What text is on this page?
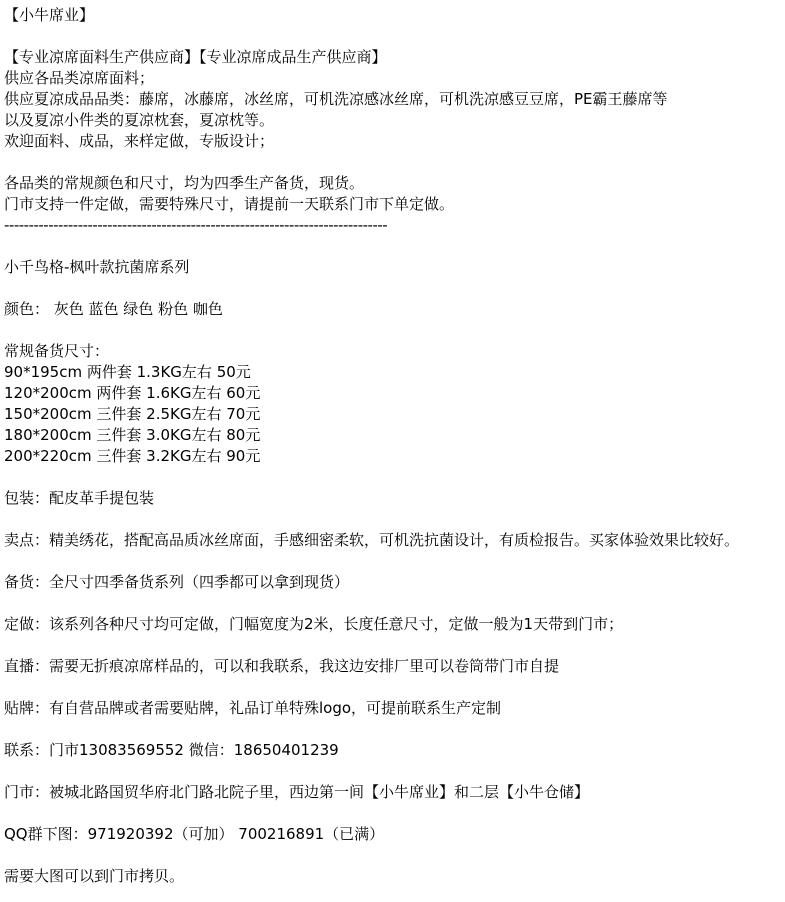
【小牛席业】
【专业凉席面料生产供应商】【专业凉席成品生产供应商】
供应各品类凉席面料；
供应夏凉成品品类：藤席，冰藤席，冰丝席，可机洗凉感冰丝席，可机洗凉感豆豆席，PE霸王藤席等
以及夏凉小件类的夏凉枕套，夏凉枕等。
欢迎面料、成品，来样定做，专版设计；
各品类的常规颜色和尺寸，均为四季生产备货，现货。
门市支持一件定做，需要特殊尺寸，请提前一天联系门市下单定做。
------------------------------------------------------------------------------
小千鸟格-枫叶款抗菌席系列
颜色： 灰色 蓝色 绿色 粉色 咖色
常规备货尺寸：
90*195cm 两件套 1.3KG左右 50元
120*200cm 两件套 1.6KG左右 60元
150*200cm 三件套 2.5KG左右 70元
180*200cm 三件套 3.0KG左右 80元
200*220cm 三件套 3.2KG左右 90元
包装：配皮革手提包装
卖点：精美绣花，搭配高品质冰丝席面，手感细密柔软，可机洗抗菌设计，有质检报告。买家体验效果比较好。
备货：全尺寸四季备货系列（四季都可以拿到现货）
定做：该系列各种尺寸均可定做，门幅宽度为2米，长度任意尺寸，定做一般为1天带到门市；
直播：需要无折痕凉席样品的，可以和我联系，我这边安排厂里可以卷筒带门市自提
贴牌：有自营品牌或者需要贴牌，礼品订单特殊logo，可提前联系生产定制
联系：门市13083569552 微信：18650401239
门市：被城北路国贸华府北门路北院子里，西边第一间【小牛席业】和二层【小牛仓储】
QQ群下图：971920392（可加） 700216891（已满）
需要大图可以到门市拷贝。
